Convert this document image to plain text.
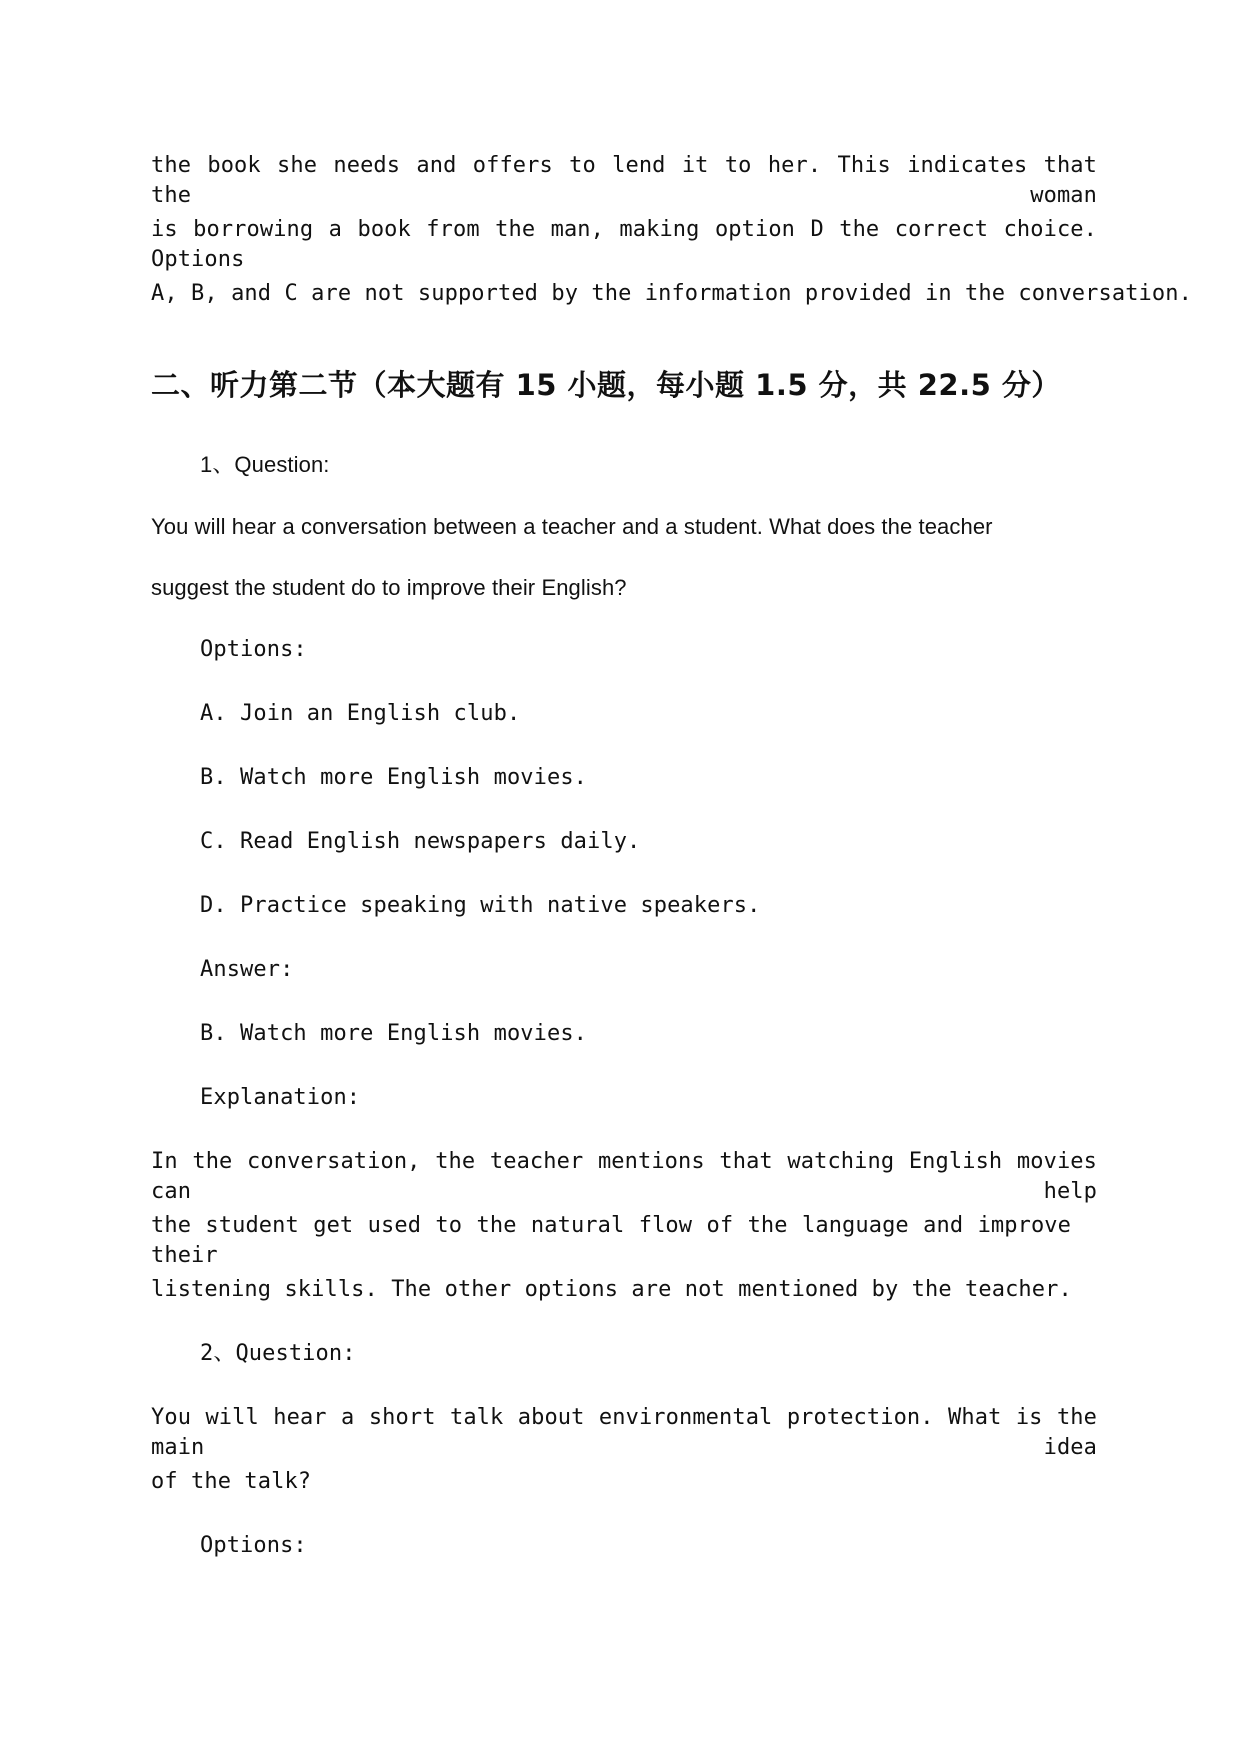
the book she needs and offers to lend it to her. This indicates that the woman
is borrowing a book from the man, making option D the correct choice. Options
A, B, and C are not supported by the information provided in the conversation.
二、听力第二节（本大题有 15 小题，每小题 1.5 分，共 22.5 分）
1、Question:
You will hear a conversation between a teacher and a student. What does the teacher
suggest the student do to improve their English?
Options:
A. Join an English club.
B. Watch more English movies.
C. Read English newspapers daily.
D. Practice speaking with native speakers.
Answer:
B. Watch more English movies.
Explanation:
In the conversation, the teacher mentions that watching English movies can help
the student get used to the natural flow of the language and improve their
listening skills. The other options are not mentioned by the teacher.
2、Question:
You will hear a short talk about environmental protection. What is the main idea
of the talk?
Options:
